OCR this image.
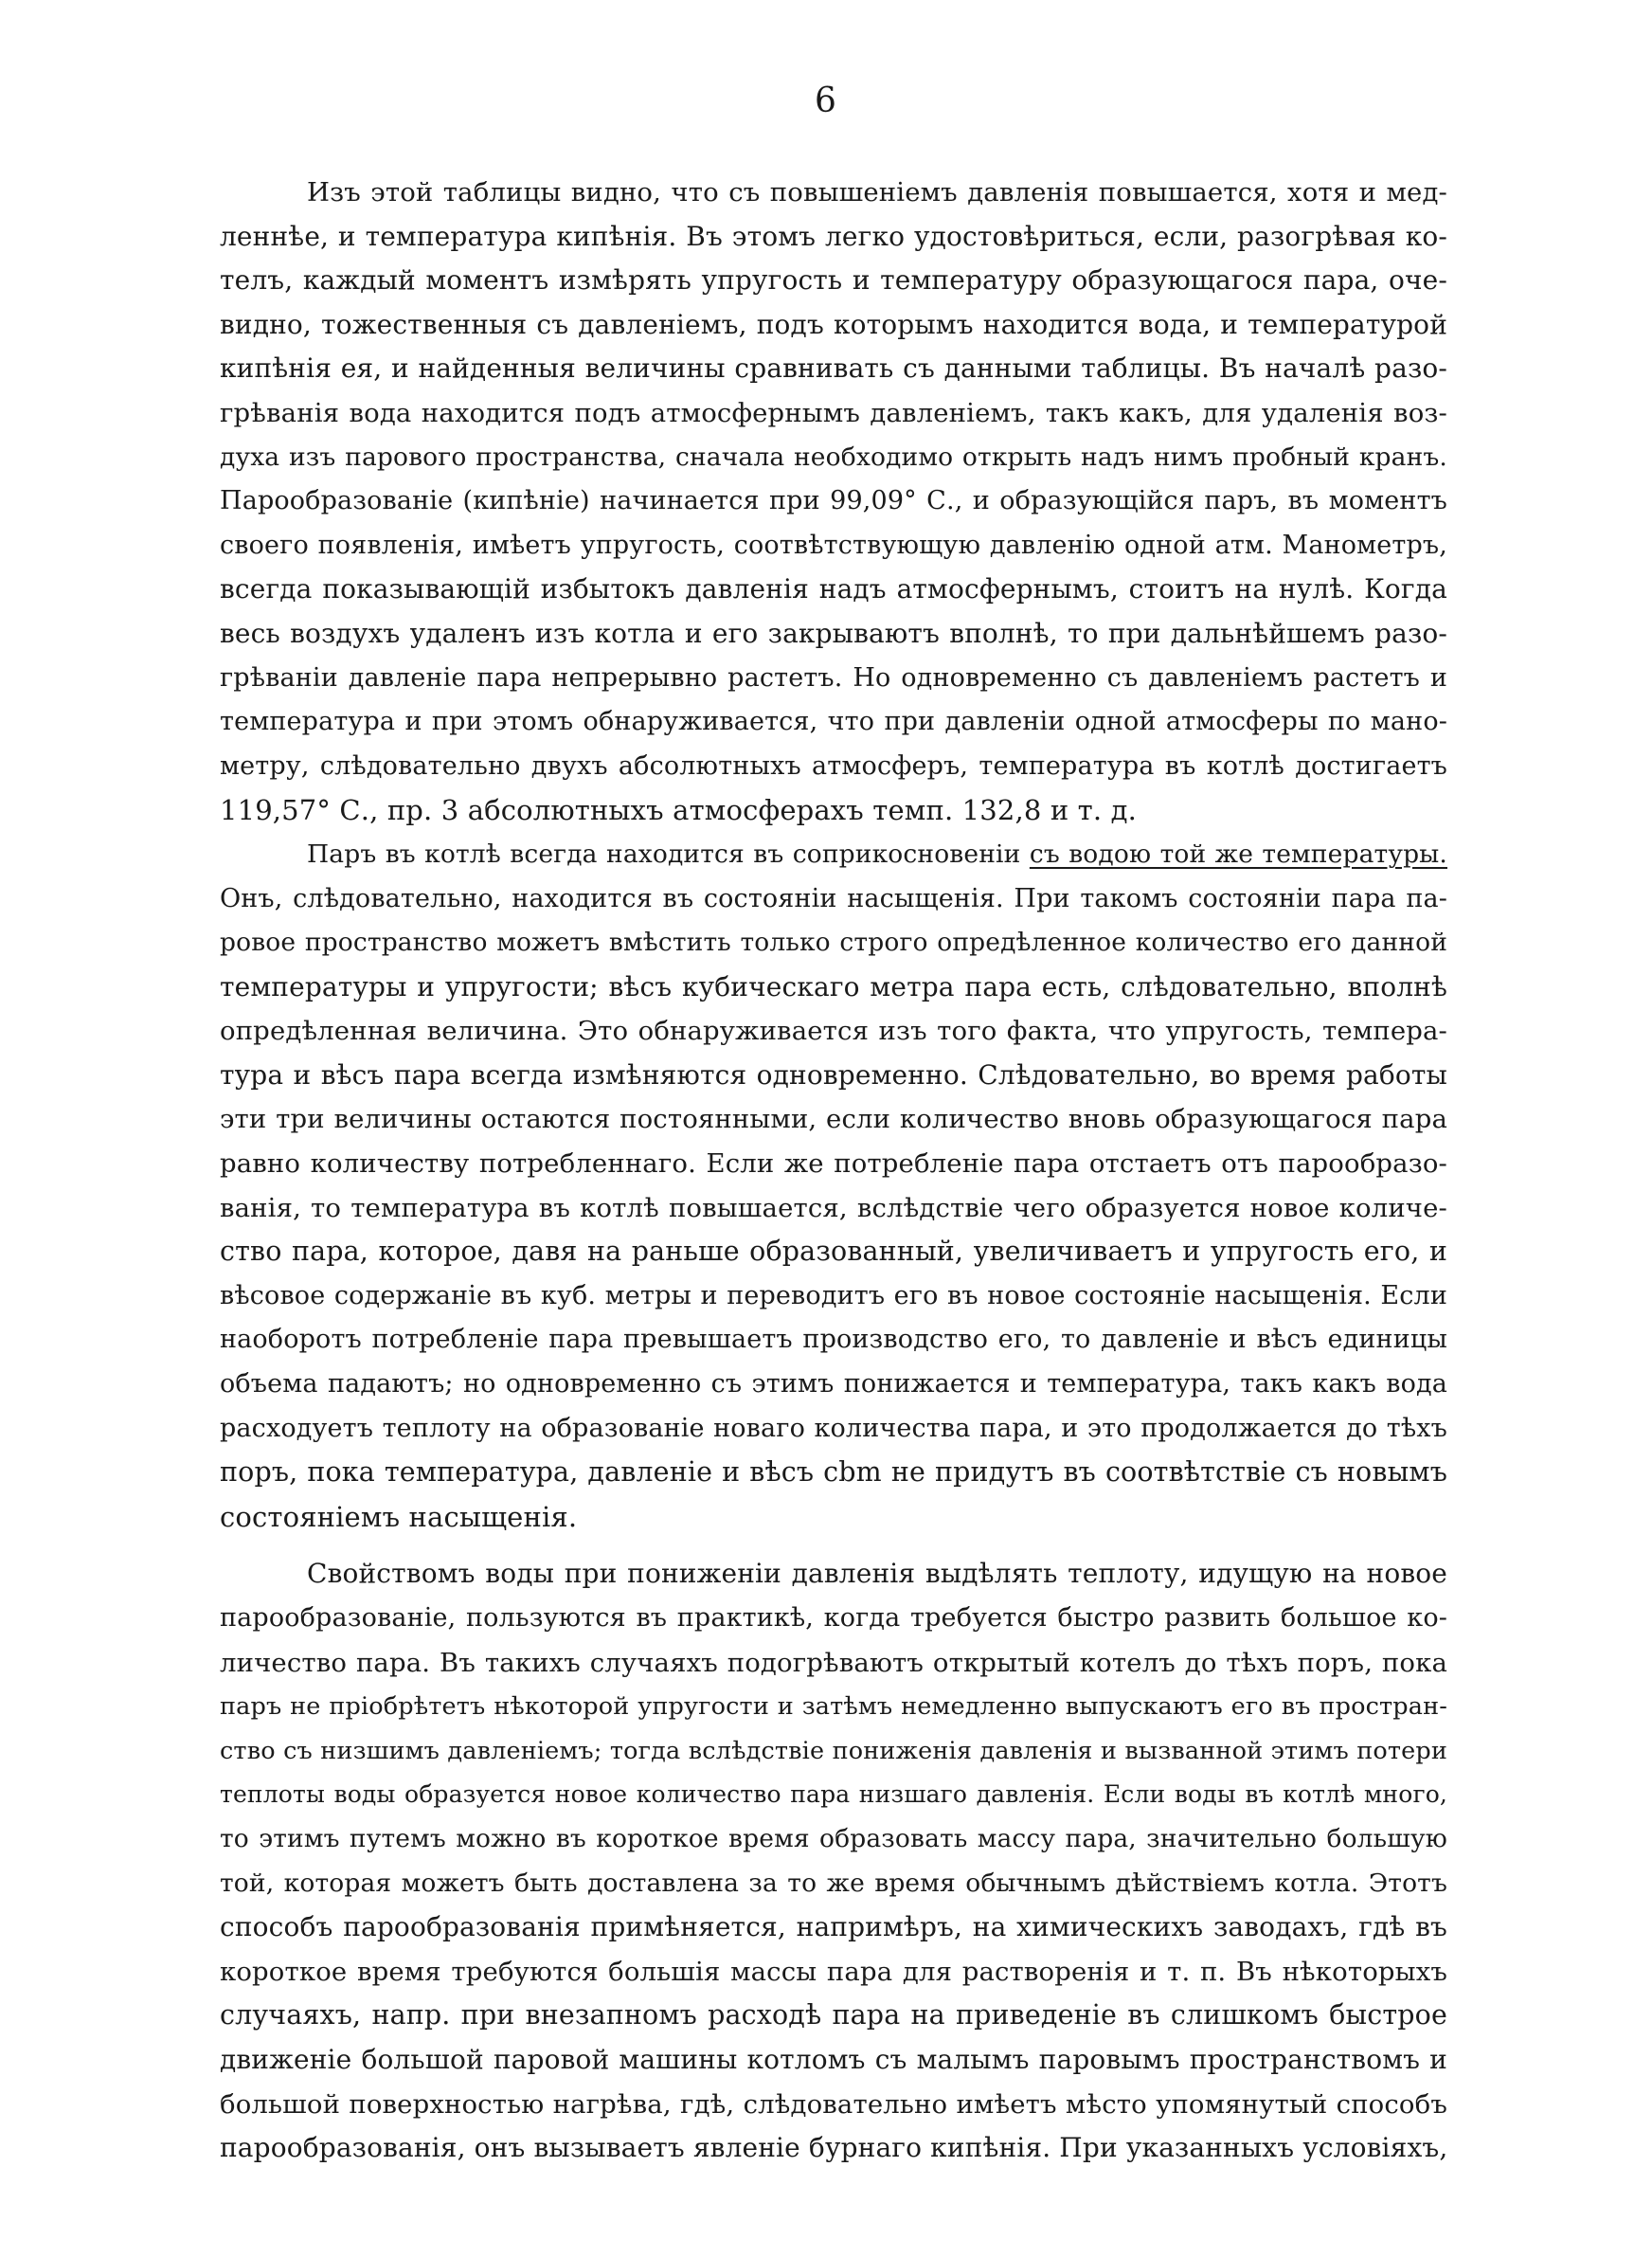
6
Изъ этой таблицы видно, что съ повышеніемъ давленія повышается, хотя и мед-
леннѣе, и температура кипѣнія. Въ этомъ легко удостовѣриться, если, разогрѣвая ко-
телъ, каждый моментъ измѣрять упругость и температуру образующагося пара, оче-
видно, тожественныя съ давленіемъ, подъ которымъ находится вода, и температурой
кипѣнія ея, и найденныя величины сравнивать съ данными таблицы. Въ началѣ разо-
грѣванія вода находится подъ атмосфернымъ давленіемъ, такъ какъ, для удаленія воз-
духа изъ парового пространства, сначала необходимо открыть надъ нимъ пробный кранъ.
Парообразованіе (кипѣніе) начинается при 99,09° С., и образующійся паръ, въ моментъ
своего появленія, имѣетъ упругость, соотвѣтствующую давленію одной атм. Манометръ,
всегда показывающій избытокъ давленія надъ атмосфернымъ, стоитъ на нулѣ. Когда
весь воздухъ удаленъ изъ котла и его закрываютъ вполнѣ, то при дальнѣйшемъ разо-
грѣваніи давленіе пара непрерывно растетъ. Но одновременно съ давленіемъ растетъ и
температура и при этомъ обнаруживается, что при давленіи одной атмосферы по мано-
метру, слѣдовательно двухъ абсолютныхъ атмосферъ, температура въ котлѣ достигаетъ
119,57° С., пр. 3 абсолютныхъ атмосферахъ темп. 132,8 и т. д.
Паръ въ котлѣ всегда находится въ соприкосновеніи съ водою той же температуры.
Онъ, слѣдовательно, находится въ состояніи насыщенія. При такомъ состояніи пара па-
ровое пространство можетъ вмѣстить только строго опредѣленное количество его данной
температуры и упругости; вѣсъ кубическаго метра пара есть, слѣдовательно, вполнѣ
опредѣленная величина. Это обнаруживается изъ того факта, что упругость, темпера-
тура и вѣсъ пара всегда измѣняются одновременно. Слѣдовательно, во время работы
эти три величины остаются постоянными, если количество вновь образующагося пара
равно количеству потребленнаго. Если же потребленіе пара отстаетъ отъ парообразо-
ванія, то температура въ котлѣ повышается, вслѣдствіе чего образуется новое количе-
ство пара, которое, давя на раньше образованный, увеличиваетъ и упругость его, и
вѣсовое содержаніе въ куб. метры и переводитъ его въ новое состояніе насыщенія. Если
наоборотъ потребленіе пара превышаетъ производство его, то давленіе и вѣсъ единицы
объема падаютъ; но одновременно съ этимъ понижается и температура, такъ какъ вода
расходуетъ теплоту на образованіе новаго количества пара, и это продолжается до тѣхъ
поръ, пока температура, давленіе и вѣсъ cbm не придутъ въ соотвѣтствіе съ новымъ
состояніемъ насыщенія.
Свойствомъ воды при пониженіи давленія выдѣлять теплоту, идущую на новое
парообразованіе, пользуются въ практикѣ, когда требуется быстро развить большое ко-
личество пара. Въ такихъ случаяхъ подогрѣваютъ открытый котелъ до тѣхъ поръ, пока
паръ не пріобрѣтетъ нѣкоторой упругости и затѣмъ немедленно выпускаютъ его въ простран-
ство съ низшимъ давленіемъ; тогда вслѣдствіе пониженія давленія и вызванной этимъ потери
теплоты воды образуется новое количество пара низшаго давленія. Если воды въ котлѣ много,
то этимъ путемъ можно въ короткое время образовать массу пара, значительно большую
той, которая можетъ быть доставлена за то же время обычнымъ дѣйствіемъ котла. Этотъ
способъ парообразованія примѣняется, напримѣръ, на химическихъ заводахъ, гдѣ въ
короткое время требуются большія массы пара для растворенія и т. п. Въ нѣкоторыхъ
случаяхъ, напр. при внезапномъ расходѣ пара на приведеніе въ слишкомъ быстрое
движеніе большой паровой машины котломъ съ малымъ паровымъ пространствомъ и
большой поверхностью нагрѣва, гдѣ, слѣдовательно имѣетъ мѣсто упомянутый способъ
парообразованія, онъ вызываетъ явленіе бурнаго кипѣнія. При указанныхъ условіяхъ,
